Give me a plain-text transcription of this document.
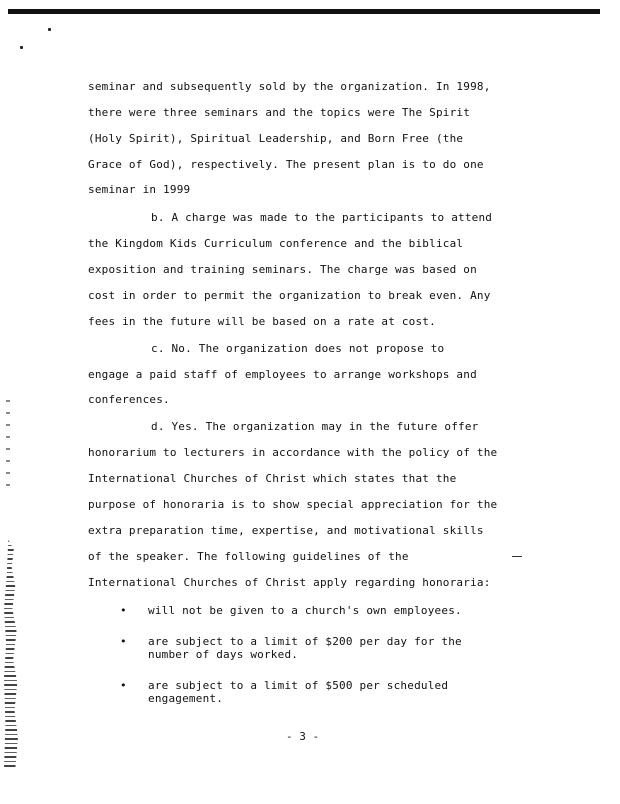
seminar and subsequently sold by the organization. In 1998,
there were three seminars and the topics were The Spirit
(Holy Spirit), Spiritual Leadership, and Born Free (the
Grace of God), respectively. The present plan is to do one
seminar in 1999
b. A charge was made to the participants to attend
the Kingdom Kids Curriculum conference and the biblical
exposition and training seminars. The charge was based on
cost in order to permit the organization to break even. Any
fees in the future will be based on a rate at cost.
c. No. The organization does not propose to
engage a paid staff of employees to arrange workshops and
conferences.
d. Yes. The organization may in the future offer
honorarium to lecturers in accordance with the policy of the
International Churches of Christ which states that the
purpose of honoraria is to show special appreciation for the
extra preparation time, expertise, and motivational skills
of the speaker. The following guidelines of the
International Churches of Christ apply regarding honoraria:
• will not be given to a church's own employees.
• are subject to a limit of $200 per day for the
number of days worked.
• are subject to a limit of $500 per scheduled
engagement.
- 3 -
